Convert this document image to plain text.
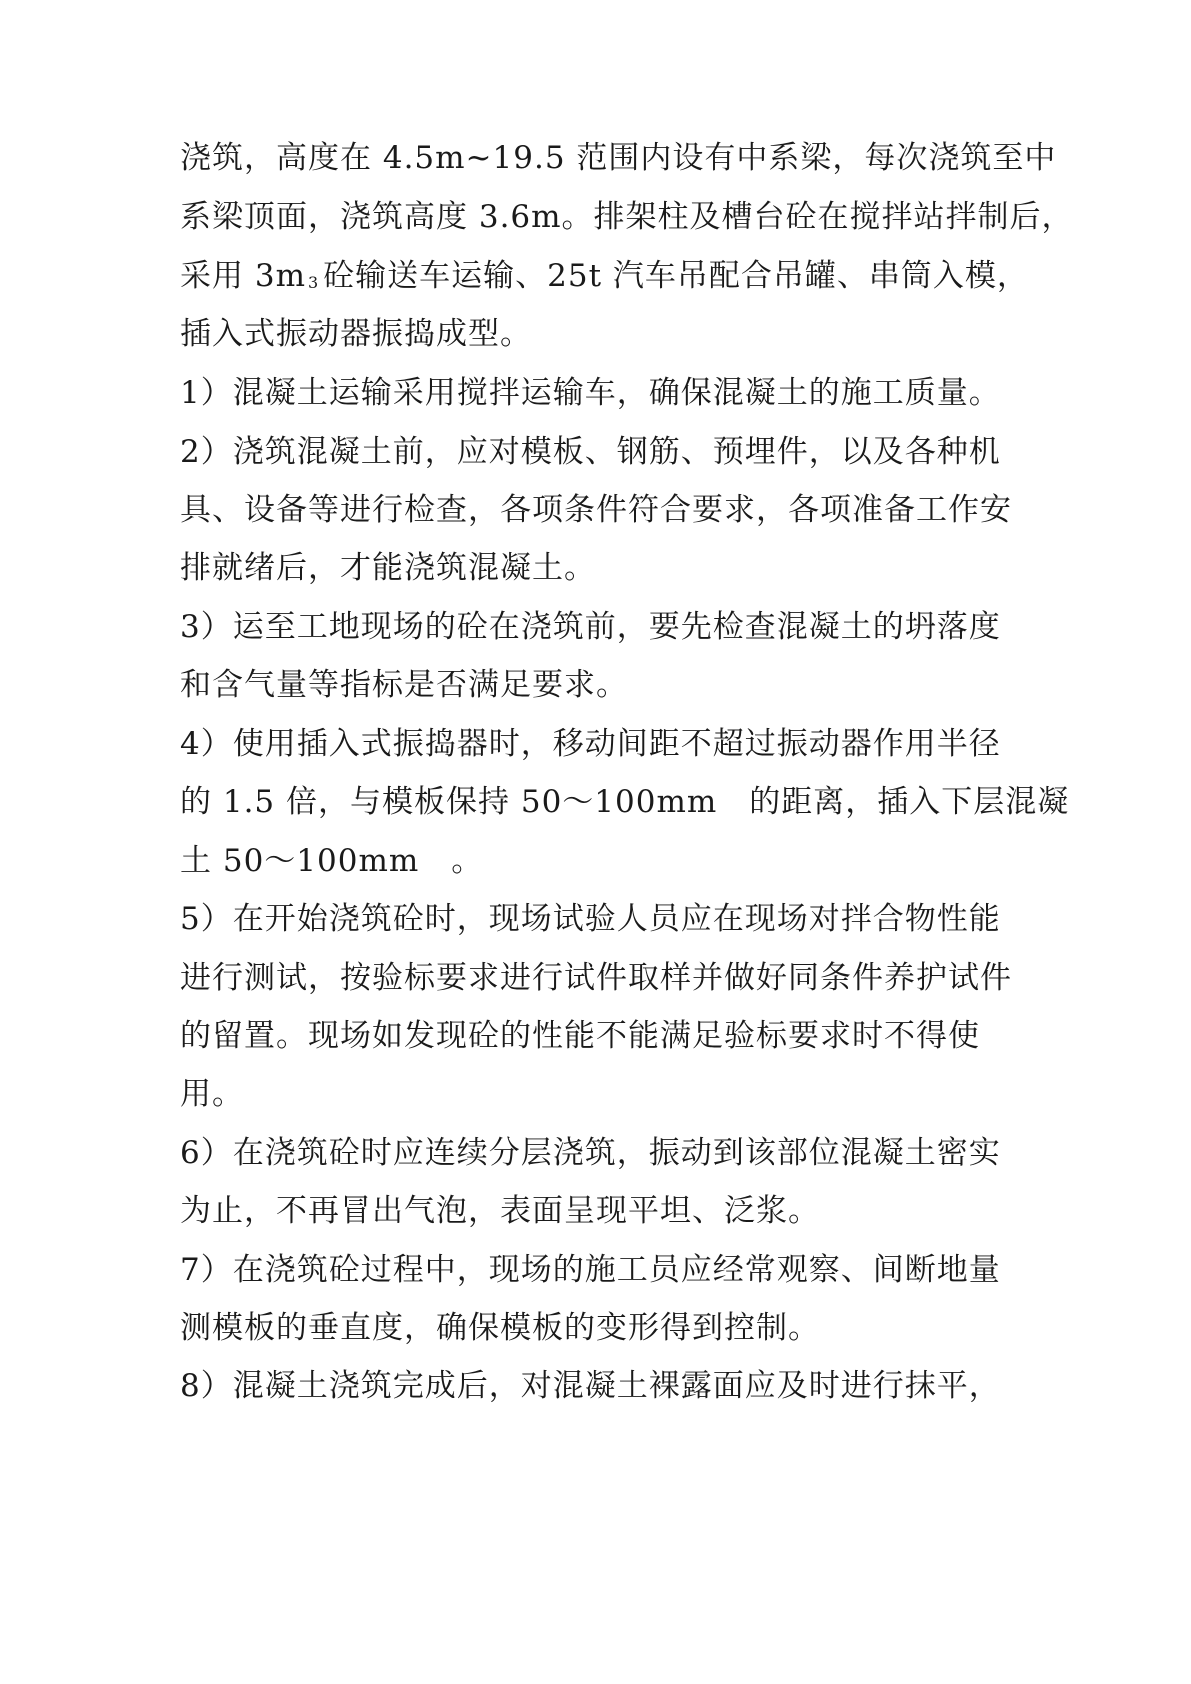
浇筑，高度在 4.5m~19.5 范围内设有中系梁，每次浇筑至中
系梁顶面，浇筑高度 3.6m。排架柱及槽台砼在搅拌站拌制后，
采用 3m 3 砼输送车运输、25t 汽车吊配合吊罐、串筒入模，
插入式振动器振捣成型。
1）混凝土运输采用搅拌运输车，确保混凝土的施工质量。
2）浇筑混凝土前，应对模板、钢筋、预埋件，以及各种机
具、设备等进行检查，各项条件符合要求，各项准备工作安
排就绪后，才能浇筑混凝土。
3）运至工地现场的砼在浇筑前，要先检查混凝土的坍落度
和含气量等指标是否满足要求。
4）使用插入式振捣器时，移动间距不超过振动器作用半径
的 1.5 倍，与模板保持 50～100mm　的距离，插入下层混凝
土 50～100mm　。
5）在开始浇筑砼时，现场试验人员应在现场对拌合物性能
进行测试，按验标要求进行试件取样并做好同条件养护试件
的留置。现场如发现砼的性能不能满足验标要求时不得使
用。
6）在浇筑砼时应连续分层浇筑，振动到该部位混凝土密实
为止，不再冒出气泡，表面呈现平坦、泛浆。
7）在浇筑砼过程中，现场的施工员应经常观察、间断地量
测模板的垂直度，确保模板的变形得到控制。
8）混凝土浇筑完成后，对混凝土裸露面应及时进行抹平，
